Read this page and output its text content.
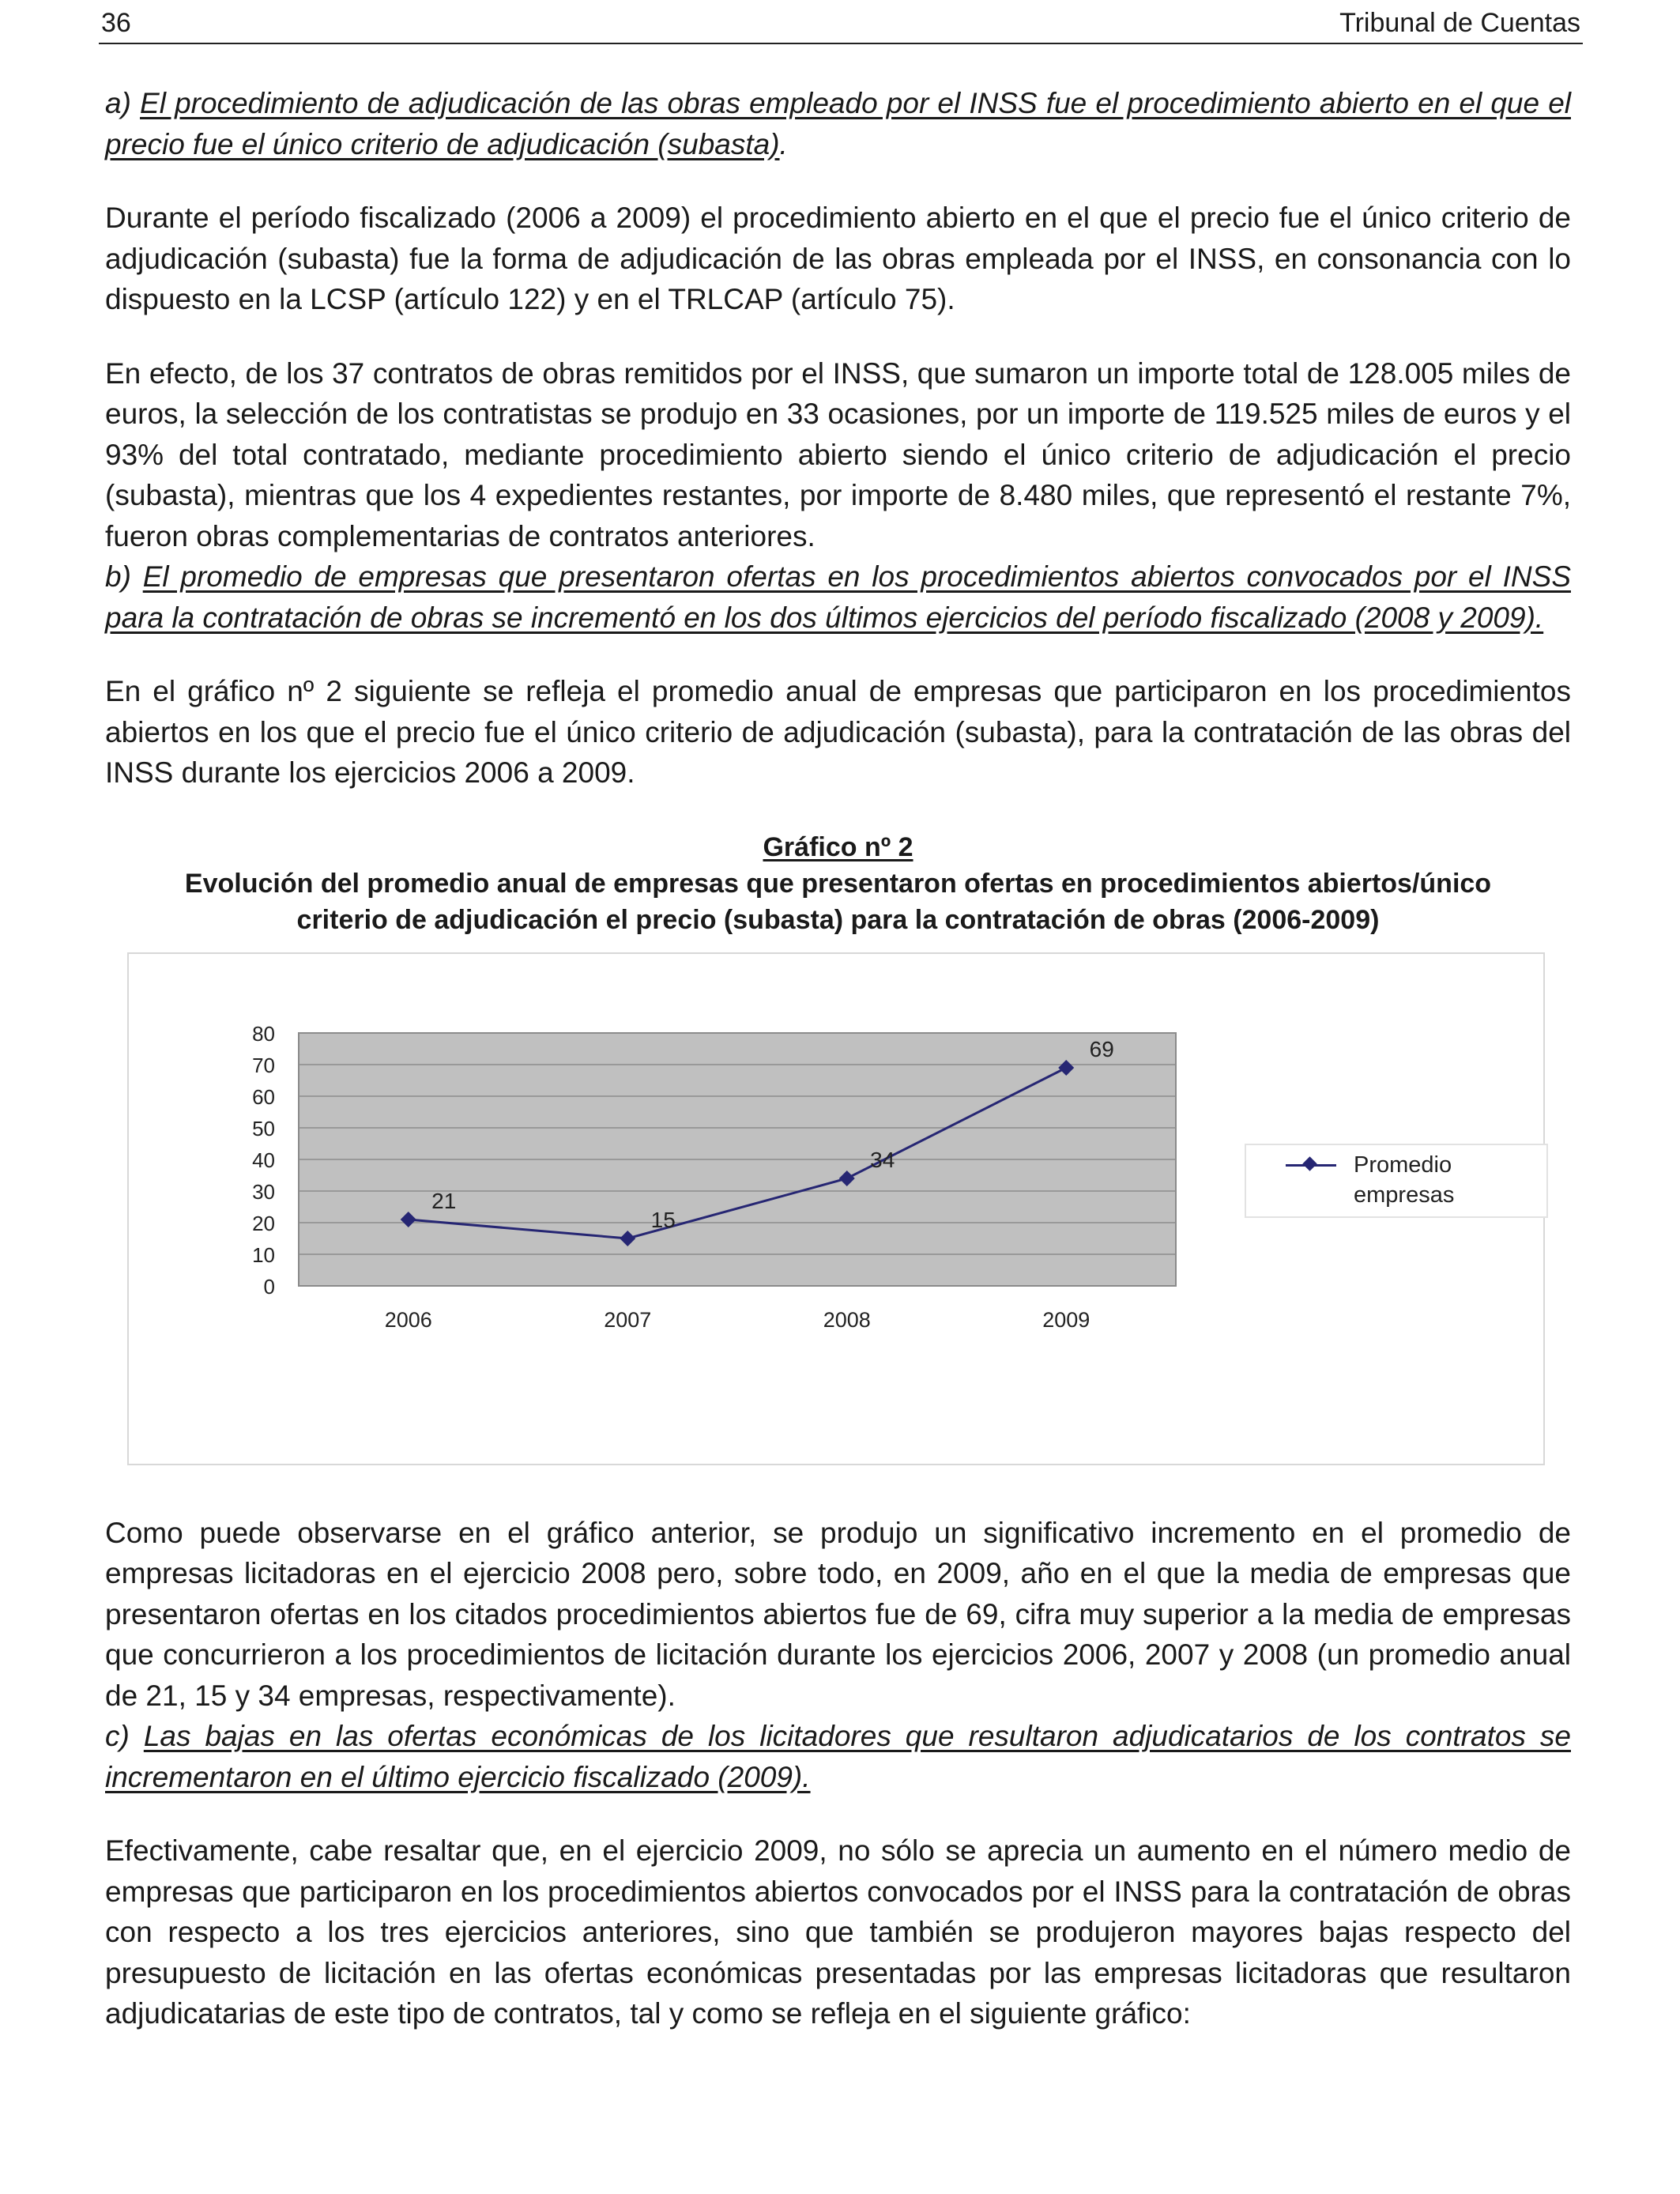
36	Tribunal de Cuentas

a) El procedimiento de adjudicación de las obras empleado por el INSS fue el procedimiento abierto en el que el precio fue el único criterio de adjudicación (subasta).

Durante el período fiscalizado (2006 a 2009) el procedimiento abierto en el que el precio fue el único criterio de adjudicación (subasta) fue la forma de adjudicación de las obras empleada por el INSS, en consonancia con lo dispuesto en la LCSP (artículo 122) y en el TRLCAP (artículo 75).

En efecto, de los 37 contratos de obras remitidos por el INSS, que sumaron un importe total de 128.005 miles de euros, la selección de los contratistas se produjo en 33 ocasiones, por un importe de 119.525 miles de euros y el 93% del total contratado, mediante procedimiento abierto siendo el único criterio de adjudicación el precio (subasta), mientras que los 4 expedientes restantes, por importe de 8.480 miles, que representó el restante 7%, fueron obras complementarias de contratos anteriores.

b) El promedio de empresas que presentaron ofertas en los procedimientos abiertos convocados por el INSS para la contratación de obras se incrementó en los dos últimos ejercicios del período fiscalizado (2008 y 2009).

En el gráfico nº 2 siguiente se refleja el promedio anual de empresas que participaron en los procedimientos abiertos en los que el precio fue el único criterio de adjudicación (subasta), para la contratación de las obras del INSS durante los ejercicios 2006 a 2009.

Gráfico nº 2
Evolución del promedio anual de empresas que presentaron ofertas en procedimientos abiertos/único
criterio de adjudicación el precio (subasta) para la contratación de obras (2006-2009)
0
10
20
30
40
50
60
70
80
2006	2007	2008	2009
21
15
34
69
Promedio
empresas

Como puede observarse en el gráfico anterior, se produjo un significativo incremento en el promedio de empresas licitadoras en el ejercicio 2008 pero, sobre todo, en 2009, año en el que la media de empresas que presentaron ofertas en los citados procedimientos abiertos fue de 69, cifra muy superior a la media de empresas que concurrieron a los procedimientos de licitación durante los ejercicios 2006, 2007 y 2008 (un promedio anual de 21, 15 y 34 empresas, respectivamente).

c) Las bajas en las ofertas económicas de los licitadores que resultaron adjudicatarios de los contratos se incrementaron en el último ejercicio fiscalizado (2009).

Efectivamente, cabe resaltar que, en el ejercicio 2009, no sólo se aprecia un aumento en el número medio de empresas que participaron en los procedimientos abiertos convocados por el INSS para la contratación de obras con respecto a los tres ejercicios anteriores, sino que también se produjeron mayores bajas respecto del presupuesto de licitación en las ofertas económicas presentadas por las empresas licitadoras que resultaron adjudicatarias de este tipo de contratos, tal y como se refleja en el siguiente gráfico:
